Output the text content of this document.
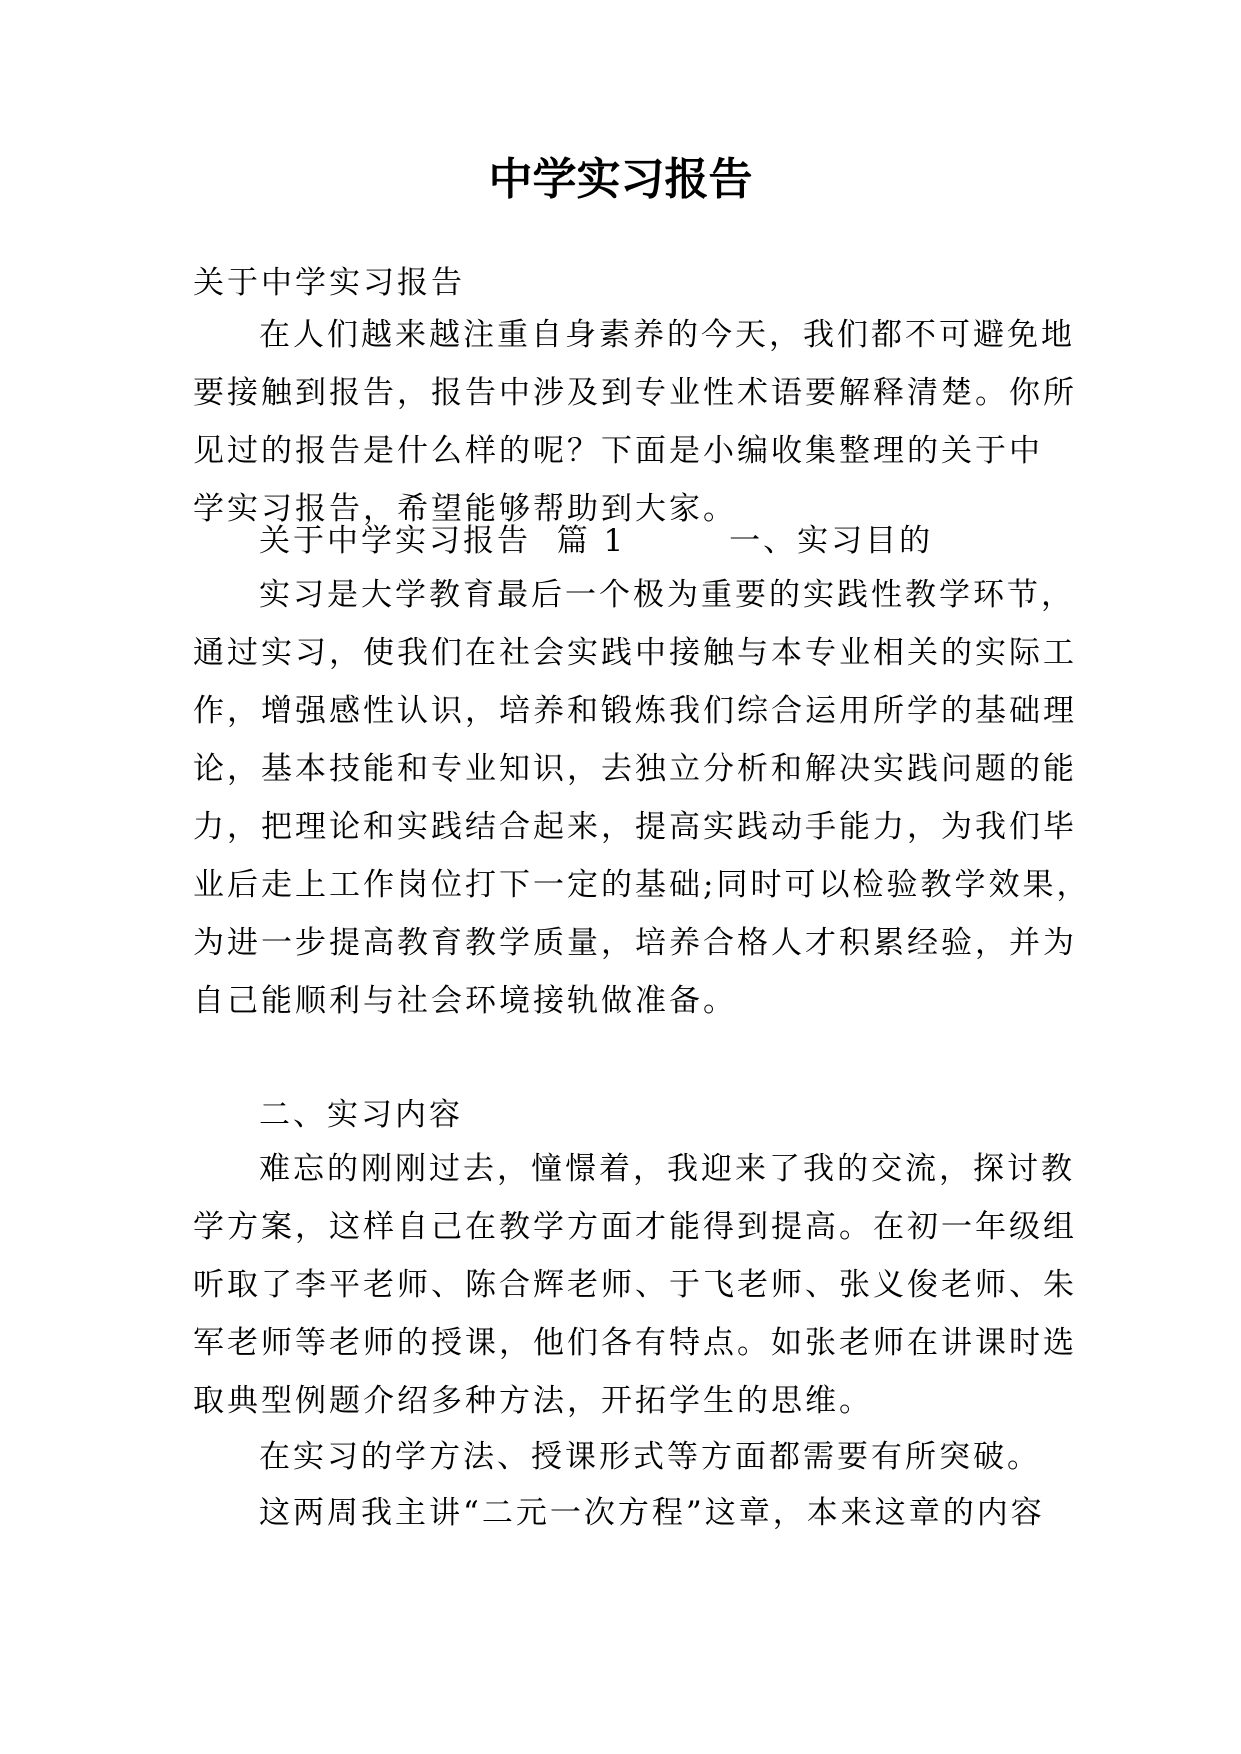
中学实习报告

关于中学实习报告

在人们越来越注重自身素养的今天，我们都不可避免地
要接触到报告，报告中涉及到专业性术语要解释清楚。你所
见过的报告是什么样的呢？下面是小编收集整理的关于中
学实习报告，希望能够帮助到大家。

关于中学实习报告  篇 1        一、实习目的

实习是大学教育最后一个极为重要的实践性教学环节，
通过实习，使我们在社会实践中接触与本专业相关的实际工
作，增强感性认识，培养和锻炼我们综合运用所学的基础理
论，基本技能和专业知识，去独立分析和解决实践问题的能
力，把理论和实践结合起来，提高实践动手能力，为我们毕
业后走上工作岗位打下一定的基础;同时可以检验教学效果，
为进一步提高教育教学质量，培养合格人才积累经验，并为
自己能顺利与社会环境接轨做准备。

二、实习内容

难忘的刚刚过去，憧憬着，我迎来了我的交流，探讨教
学方案，这样自己在教学方面才能得到提高。在初一年级组
听取了李平老师、陈合辉老师、于飞老师、张义俊老师、朱
军老师等老师的授课，他们各有特点。如张老师在讲课时选
取典型例题介绍多种方法，开拓学生的思维。

在实习的学方法、授课形式等方面都需要有所突破。

这两周我主讲“二元一次方程”这章，本来这章的内容
